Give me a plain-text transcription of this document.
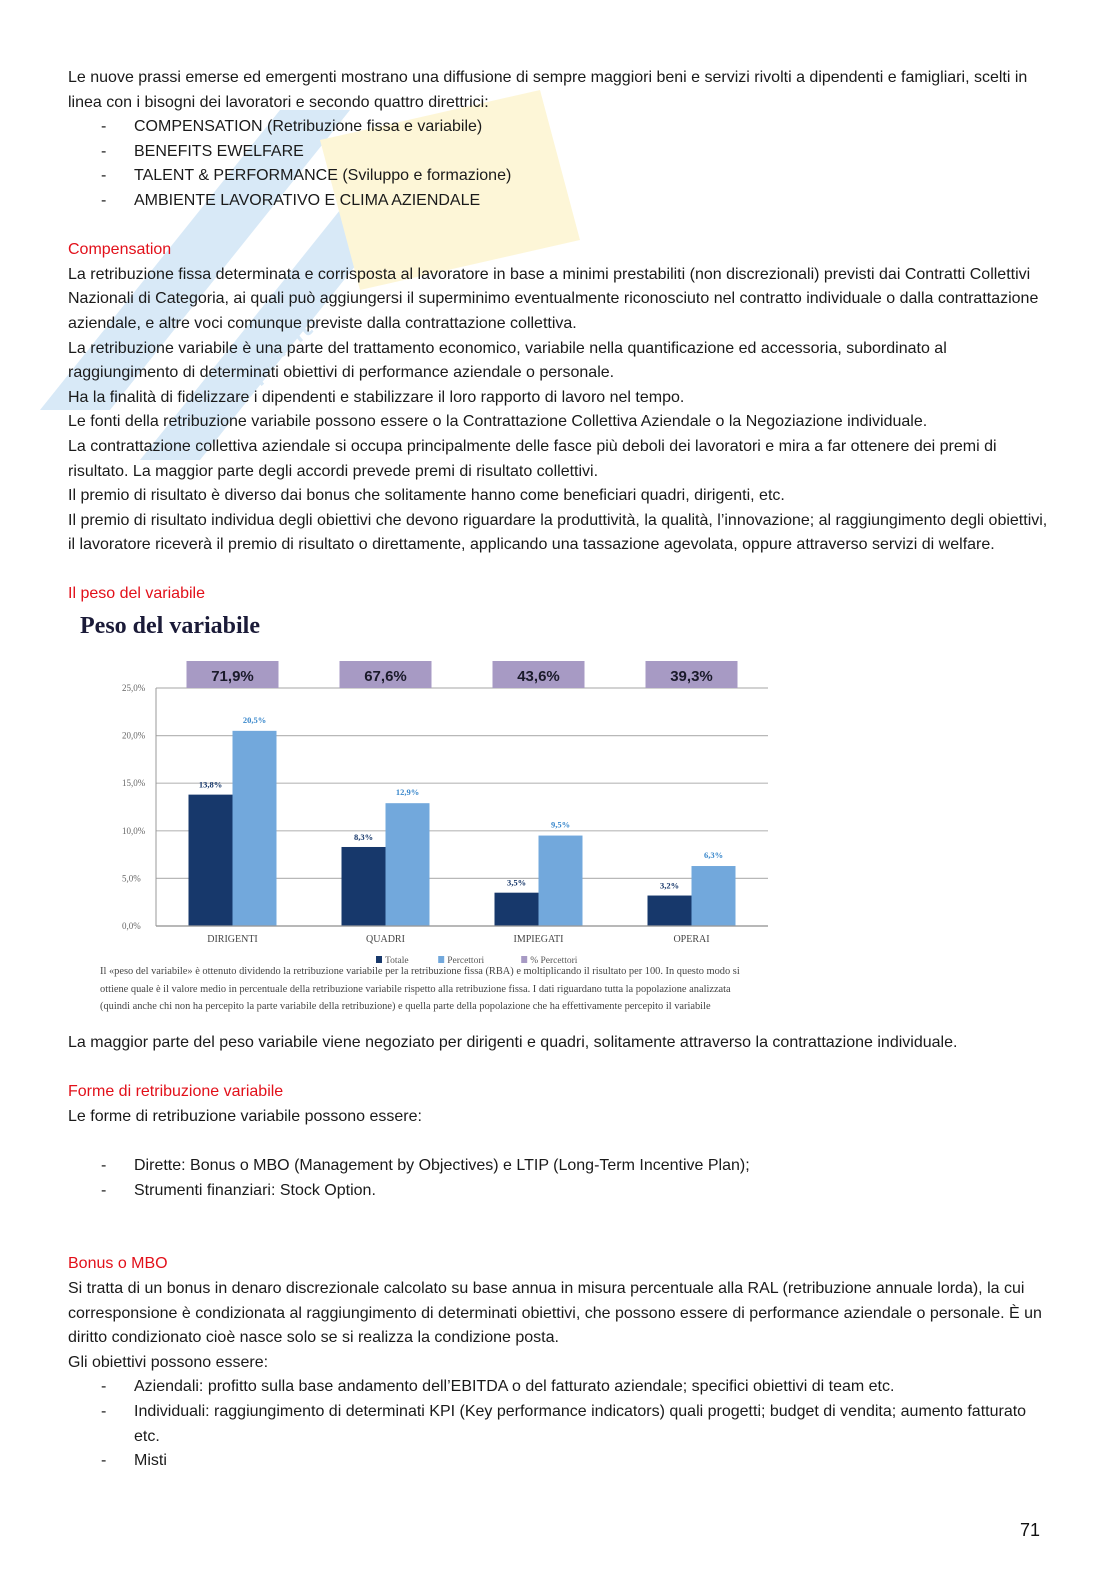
appunti

Le nuove prassi emerse ed emergenti mostrano una diffusione di sempre maggiori beni e servizi rivolti a dipendenti e famigliari, scelti in linea con i bisogni dei lavoratori e secondo quattro direttrici:

- COMPENSATION (Retribuzione fissa e variabile)
- BENEFITS EWELFARE
- TALENT & PERFORMANCE (Sviluppo e formazione)
- AMBIENTE LAVORATIVO E CLIMA AZIENDALE

Compensation

La retribuzione fissa determinata e corrisposta al lavoratore in base a minimi prestabiliti (non discrezionali) previsti dai Contratti Collettivi Nazionali di Categoria, ai quali può aggiungersi il superminimo eventualmente riconosciuto nel contratto individuale o dalla contrattazione aziendale, e altre voci comunque previste dalla contrattazione collettiva.

La retribuzione variabile è una parte del trattamento economico, variabile nella quantificazione ed accessoria, subordinato al raggiungimento di determinati obiettivi di performance aziendale o personale.

Ha la finalità di fidelizzare i dipendenti e stabilizzare il loro rapporto di lavoro nel tempo.

Le fonti della retribuzione variabile possono essere o la Contrattazione Collettiva Aziendale o la Negoziazione individuale.

La contrattazione collettiva aziendale si occupa principalmente delle fasce più deboli dei lavoratori e mira a far ottenere dei premi di risultato. La maggior parte degli accordi prevede premi di risultato collettivi.

Il premio di risultato è diverso dai bonus che solitamente hanno come beneficiari quadri, dirigenti, etc.

Il premio di risultato individua degli obiettivi che devono riguardare la produttività, la qualità, l’innovazione; al raggiungimento degli obiettivi, il lavoratore riceverà il premio di risultato o direttamente, applicando una tassazione agevolata, oppure attraverso servizi di welfare.

Il peso del variabile

Peso del variabile
0,0%
5,0%
10,0%
15,0%
20,0%
25,0%
13,8%
20,5%
71,9%
DIRIGENTI
8,3%
12,9%
67,6%
QUADRI
3,5%
9,5%
43,6%
IMPIEGATI
3,2%
6,3%
39,3%
OPERAI
Totale	Percettori	% Percettori
Il «peso del variabile» è ottenuto dividendo la retribuzione variabile per la retribuzione fissa (RBA) e moltiplicando il risultato per 100. In questo modo si ottiene quale è il valore medio in percentuale della retribuzione variabile rispetto alla retribuzione fissa. I dati riguardano tutta la popolazione analizzata (quindi anche chi non ha percepito la parte variabile della retribuzione) e quella parte della popolazione che ha effettivamente percepito il variabile

La maggior parte del peso variabile viene negoziato per dirigenti e quadri, solitamente attraverso la contrattazione individuale.

Forme di retribuzione variabile

Le forme di retribuzione variabile possono essere:

- Dirette: Bonus o MBO (Management by Objectives) e LTIP (Long-Term Incentive Plan);
- Strumenti finanziari: Stock Option.

Bonus o MBO

Si tratta di un bonus in denaro discrezionale calcolato su base annua in misura percentuale alla RAL (retribuzione annuale lorda), la cui corresponsione è condizionata al raggiungimento di determinati obiettivi, che possono essere di performance aziendale o personale. È un diritto condizionato cioè nasce solo se si realizza la condizione posta.

Gli obiettivi possono essere:

- Aziendali: profitto sulla base andamento dell’EBITDA o del fatturato aziendale; specifici obiettivi di team etc.
- Individuali: raggiungimento di determinati KPI (Key performance indicators) quali progetti; budget di vendita; aumento fatturato etc.
- Misti
71
